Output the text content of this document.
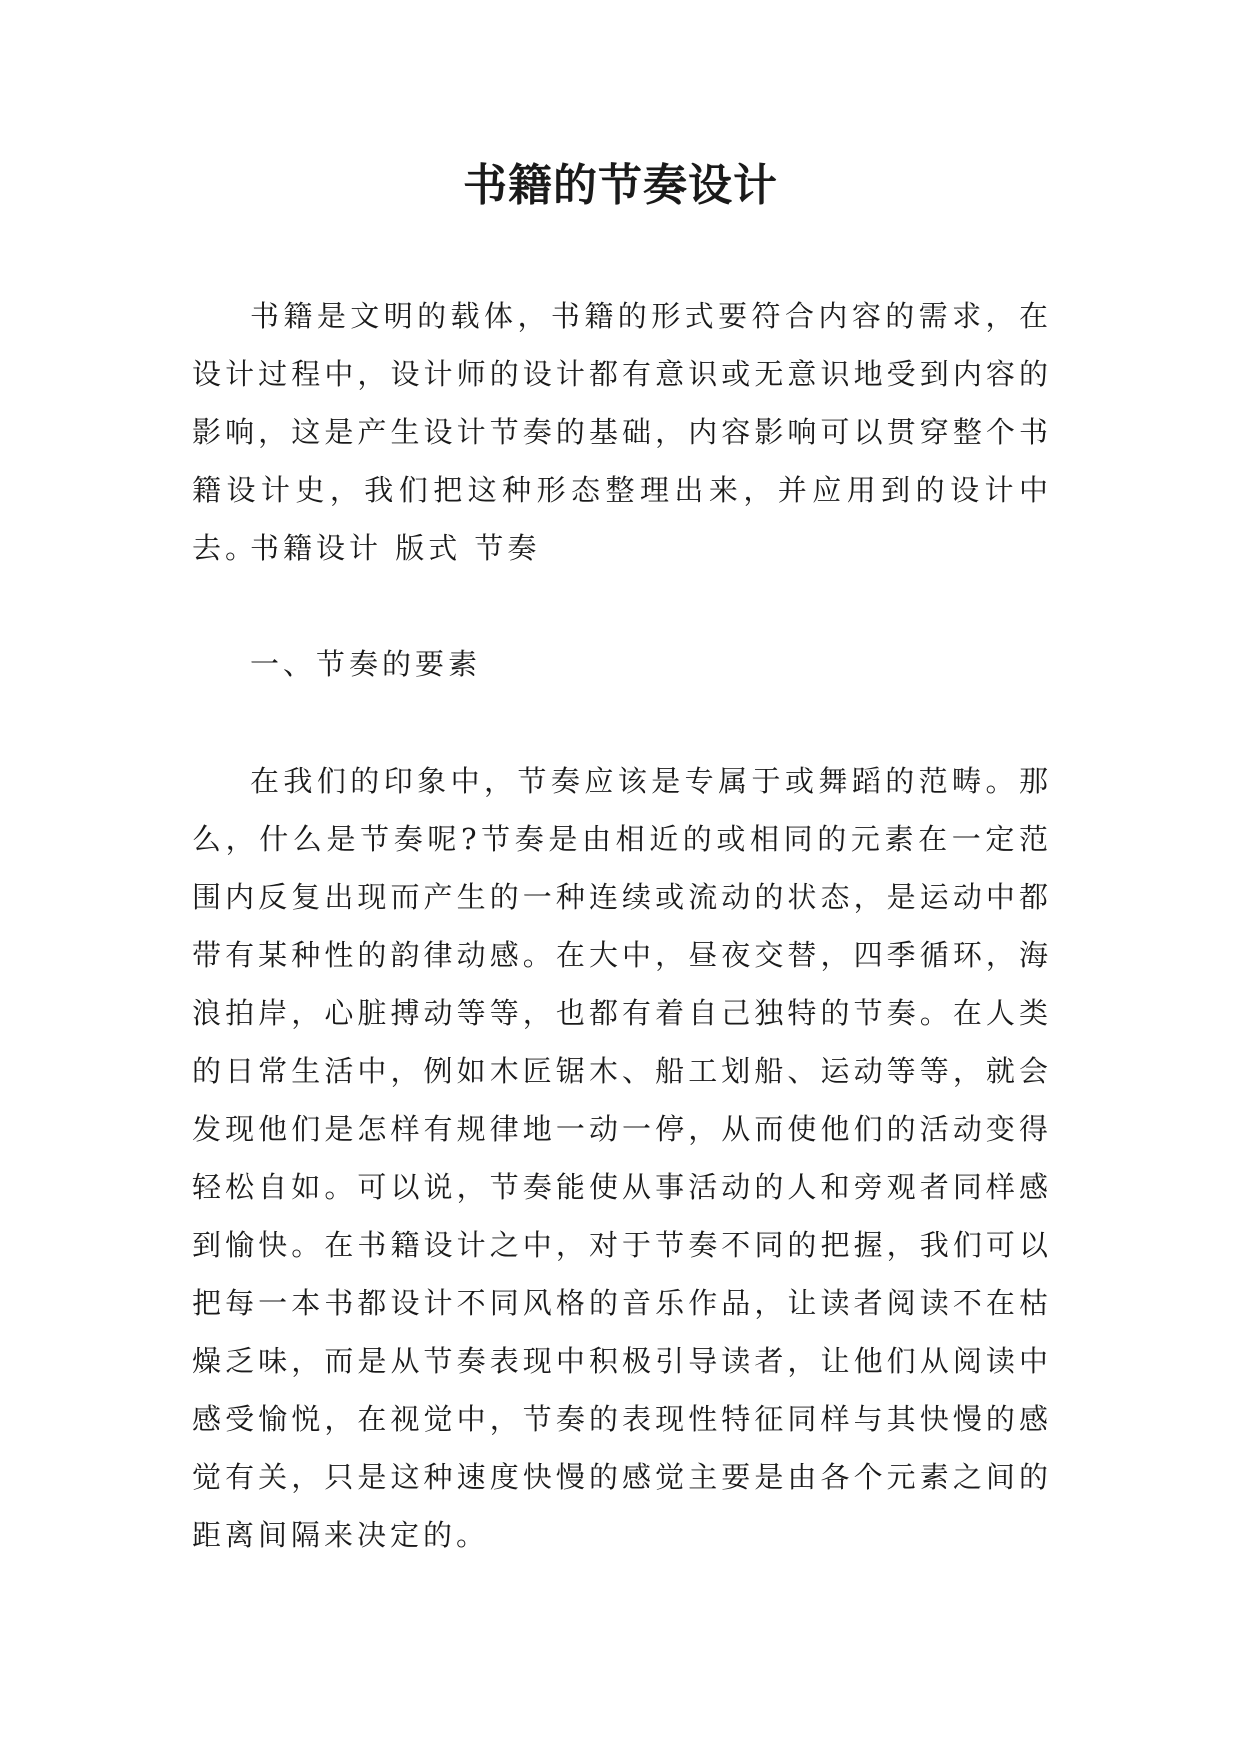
书籍的节奏设计

书籍是文明的载体，书籍的形式要符合内容的需求，在设计过程中，设计师的设计都有意识或无意识地受到内容的影响，这是产生设计节奏的基础，内容影响可以贯穿整个书籍设计史，我们把这种形态整理出来，并应用到的设计中去。

书籍设计 版式 节奏

一、节奏的要素

在我们的印象中，节奏应该是专属于或舞蹈的范畴。那么，什么是节奏呢?节奏是由相近的或相同的元素在一定范围内反复出现而产生的一种连续或流动的状态，是运动中都带有某种性的韵律动感。在大中，昼夜交替，四季循环，海浪拍岸，心脏搏动等等，也都有着自己独特的节奏。在人类的日常生活中，例如木匠锯木、船工划船、运动等等，就会发现他们是怎样有规律地一动一停，从而使他们的活动变得轻松自如。可以说，节奏能使从事活动的人和旁观者同样感到愉快。在书籍设计之中，对于节奏不同的把握，我们可以把每一本书都设计不同风格的音乐作品，让读者阅读不在枯燥乏味，而是从节奏表现中积极引导读者，让他们从阅读中感受愉悦，在视觉中，节奏的表现性特征同样与其快慢的感觉有关，只是这种速度快慢的感觉主要是由各个元素之间的距离间隔来决定的。
